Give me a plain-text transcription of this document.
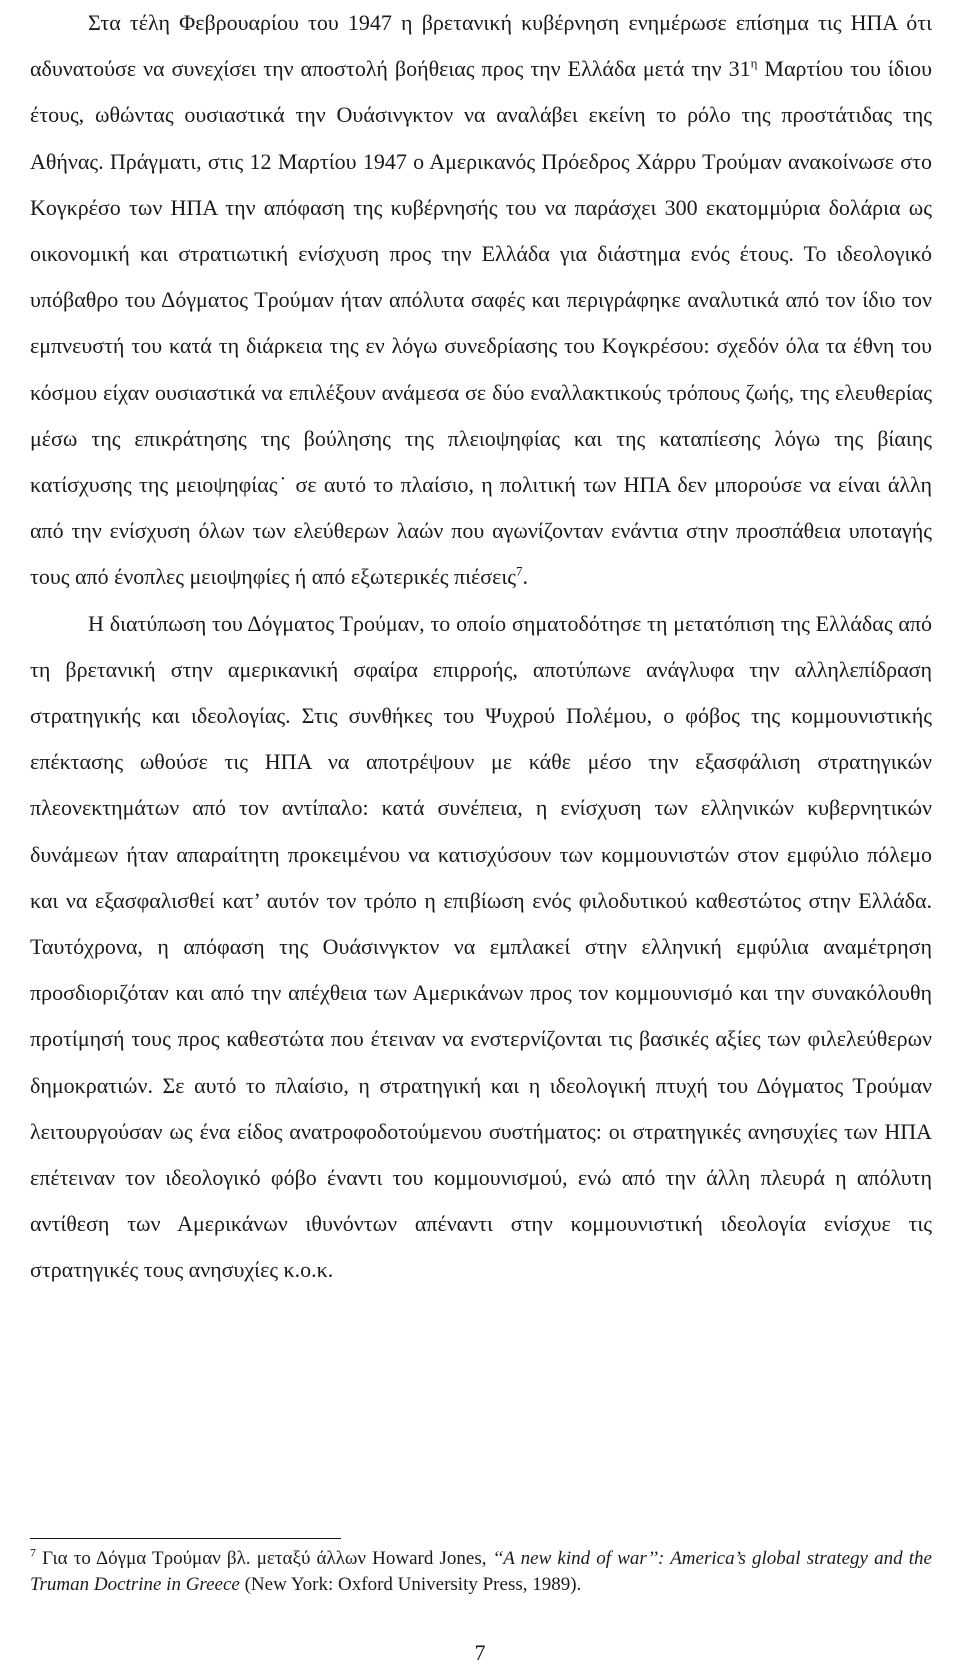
Στα τέλη Φεβρουαρίου του 1947 η βρετανική κυβέρνηση ενημέρωσε επίσημα τις ΗΠΑ ότι αδυνατούσε να συνεχίσει την αποστολή βοήθειας προς την Ελλάδα μετά την $31^\eta$ Μαρτίου του ίδιου έτους, ωθώντας ουσιαστικά την Ουάσινγκτον να αναλάβει εκείνη το ρόλο της προστάτιδας της Αθήνας. Πράγματι, στις 12 Μαρτίου 1947 ο Αμερικανός Πρόεδρος Χάρρυ Τρούμαν ανακοίνωσε στο Κογκρέσο των ΗΠΑ την απόφαση της κυβέρνησής του να παράσχει 300 εκατομμύρια δολάρια ως οικονομική και στρατιωτική ενίσχυση προς την Ελλάδα για διάστημα ενός έτους. Το ιδεολογικό υπόβαθρο του Δόγματος Τρούμαν ήταν απόλυτα σαφές και περιγράφηκε αναλυτικά από τον ίδιο τον εμπνευστή του κατά τη διάρκεια της εν λόγω συνεδρίασης του Κογκρέσου: σχεδόν όλα τα έθνη του κόσμου είχαν ουσιαστικά να επιλέξουν ανάμεσα σε δύο εναλλακτικούς τρόπους ζωής, της ελευθερίας μέσω της επικράτησης της βούλησης της πλειοψηφίας και της καταπίεσης λόγω της βίαιης κατίσχυσης της μειοψηφίας˙ σε αυτό το πλαίσιο, η πολιτική των ΗΠΑ δεν μπορούσε να είναι άλλη από την ενίσχυση όλων των ελεύθερων λαών που αγωνίζονταν ενάντια στην προσπάθεια υποταγής τους από ένοπλες μειοψηφίες ή από εξωτερικές πιέσεις$^7$.

Η διατύπωση του Δόγματος Τρούμαν, το οποίο σηματοδότησε τη μετατόπιση της Ελλάδας από τη βρετανική στην αμερικανική σφαίρα επιρροής, αποτύπωνε ανάγλυφα την αλληλεπίδραση στρατηγικής και ιδεολογίας. Στις συνθήκες του Ψυχρού Πολέμου, ο φόβος της κομμουνιστικής επέκτασης ωθούσε τις ΗΠΑ να αποτρέψουν με κάθε μέσο την εξασφάλιση στρατηγικών πλεονεκτημάτων από τον αντίπαλο: κατά συνέπεια, η ενίσχυση των ελληνικών κυβερνητικών δυνάμεων ήταν απαραίτητη προκειμένου να κατισχύσουν των κομμουνιστών στον εμφύλιο πόλεμο και να εξασφαλισθεί κατ’ αυτόν τον τρόπο η επιβίωση ενός φιλοδυτικού καθεστώτος στην Ελλάδα. Ταυτόχρονα, η απόφαση της Ουάσινγκτον να εμπλακεί στην ελληνική εμφύλια αναμέτρηση προσδιοριζόταν και από την απέχθεια των Αμερικάνων προς τον κομμουνισμό και την συνακόλουθη προτίμησή τους προς καθεστώτα που έτειναν να ενστερνίζονται τις βασικές αξίες των φιλελεύθερων δημοκρατιών. Σε αυτό το πλαίσιο, η στρατηγική και η ιδεολογική πτυχή του Δόγματος Τρούμαν λειτουργούσαν ως ένα είδος ανατροφοδοτούμενου συστήματος: οι στρατηγικές ανησυχίες των ΗΠΑ επέτειναν τον ιδεολογικό φόβο έναντι του κομμουνισμού, ενώ από την άλλη πλευρά η απόλυτη αντίθεση των Αμερικάνων ιθυνόντων απέναντι στην κομμουνιστική ιδεολογία ενίσχυε τις στρατηγικές τους ανησυχίες κ.ο.κ.

$^7$ Για το Δόγμα Τρούμαν βλ. μεταξύ άλλων Howard Jones, ‘‘A new kind of war’’: America’s global strategy and the Truman Doctrine in Greece (New York: Oxford University Press, 1989).
7
